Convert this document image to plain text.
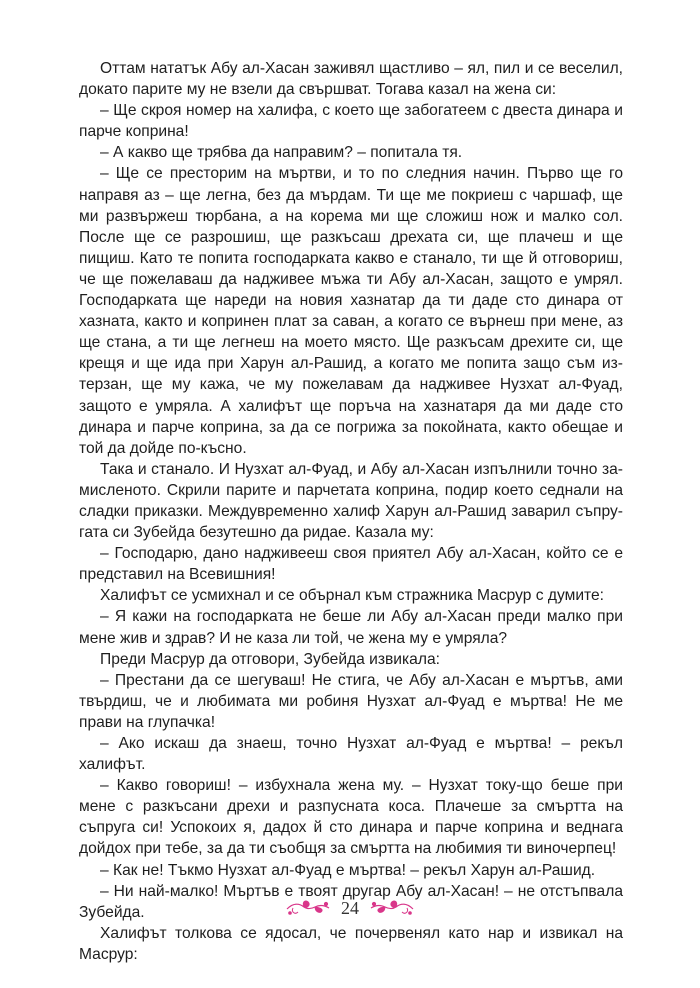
Оттам нататък Абу ал-Хасан заживял щастливо – ял, пил и се веселил, докато парите му не взели да свършват. Тогава казал на жена си:

– Ще скроя номер на халифа, с което ще забогатеем с двеста динара и парче коприна!

– А какво ще трябва да направим? – попитала тя.

– Ще се престорим на мъртви, и то по следния начин. Първо ще го направя аз – ще легна, без да мърдам. Ти ще ме покриеш с чаршаф, ще ми развържеш тюрбана, а на корема ми ще сложиш нож и малко сол. После ще се разрошиш, ще разкъсаш дрехата си, ще плачеш и ще пищиш. Като те попита господарката какво е станало, ти ще й отговориш, че ще пожелаваш да надживее мъжа ти Абу ал-Хасан, защото е умрял. Господарката ще нареди на новия хазнатар да ти даде сто динара от хазната, както и копринен плат за саван, а когато се върнеш при мене, аз ще стана, а ти ще легнеш на моето място. Ще разкъсам дрехите си, ще крещя и ще ида при Харун ал-Рашид, а когато ме попита защо съм изтерзан, ще му кажа, че му пожелавам да надживее Нузхат ал-Фуад, защото е умряла. А халифът ще поръча на хазнатаря да ми даде сто динара и парче коприна, за да се погрижа за покойната, както обещае и той да дойде по-късно.

Така и станало. И Нузхат ал-Фуад, и Абу ал-Хасан изпълнили точно замисленото. Скрили парите и парчетата коприна, подир което седнали на сладки приказки. Междувременно халиф Харун ал-Рашид заварил съпругата си Зубейда безутешно да ридае. Казала му:

– Господарю, дано надживееш своя приятел Абу ал-Хасан, който се е представил на Всевишния!

Халифът се усмихнал и се обърнал към стражника Масрур с думите:

– Я кажи на господарката не беше ли Абу ал-Хасан преди малко при мене жив и здрав? И не каза ли той, че жена му е умряла?

Преди Масрур да отговори, Зубейда извикала:

– Престани да се шегуваш! Не стига, че Абу ал-Хасан е мъртъв, ами твърдиш, че и любимата ми робиня Нузхат ал-Фуад е мъртва! Не ме прави на глупачка!

– Ако искаш да знаеш, точно Нузхат ал-Фуад е мъртва! – рекъл халифът.

– Какво говориш! – избухнала жена му. – Нузхат току-що беше при мене с разкъсани дрехи и разпусната коса. Плачеше за смъртта на съпруга си! Успокоих я, дадох й сто динара и парче коприна и веднага дойдох при тебе, за да ти съобщя за смъртта на любимия ти виночерпец!

– Как не! Тъкмо Нузхат ал-Фуад е мъртва! – рекъл Харун ал-Рашид.

– Ни най-малко! Мъртъв е твоят другар Абу ал-Хасан! – не отстъпвала Зубейда.

Халифът толкова се ядосал, че почервенял като нар и извикал на Масрур:

24
